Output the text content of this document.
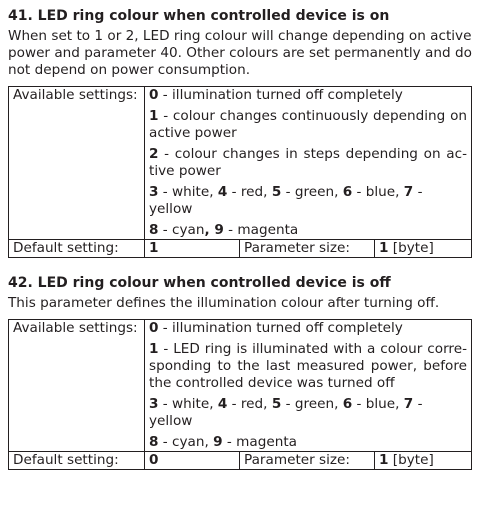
41. LED ring colour when controlled device is on
When set to 1 or 2, LED ring colour will change depending on active power and parameter 40. Other colours are set permanently and do not depend on power consumption.
Available settings:	0 - illumination turned off completely
1 - colour changes continuously depending on active power
2 - colour changes in steps depending on ac-tive power
3 - white, 4 - red, 5 - green, 6 - blue, 7 - yellow
8 - cyan, 9 - magenta		

Default setting:	1	Parameter size:	1 [byte]
42. LED ring colour when controlled device is off
This parameter defines the illumination colour after turning off.
Available settings:	0 - illumination turned off completely
1 - LED ring is illuminated with a colour corre-sponding to the last measured power, before the controlled device was turned off
3 - white, 4 - red, 5 - green, 6 - blue, 7 - yellow
8 - cyan, 9 - magenta		

Default setting:	0	Parameter size:	1 [byte]
